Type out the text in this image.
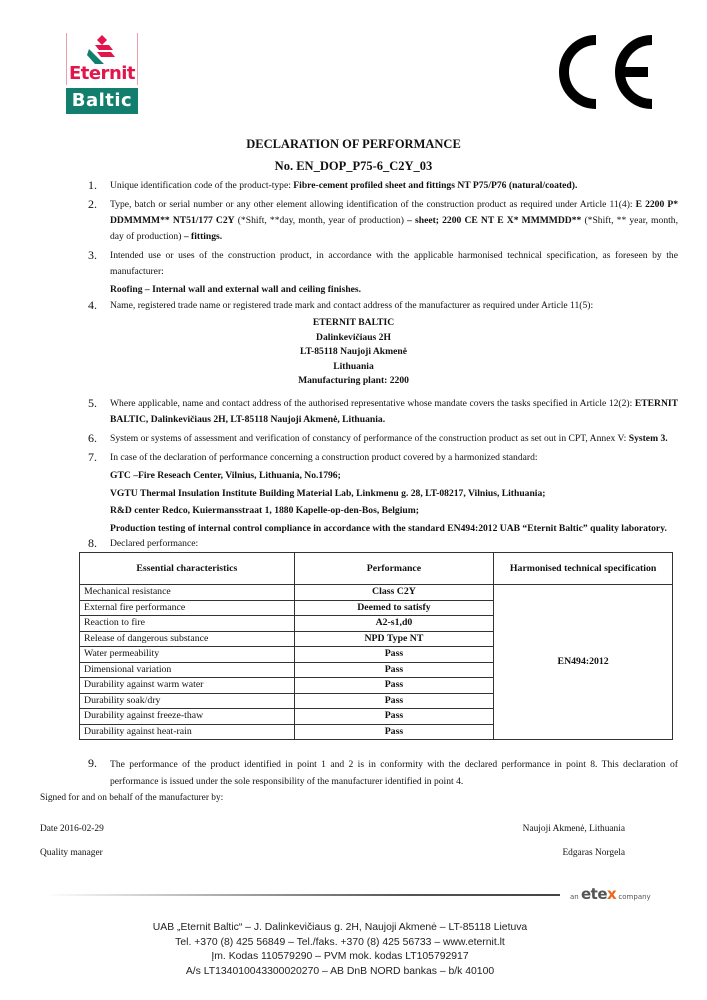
Eternit
Baltic
DECLARATION OF PERFORMANCE
No. EN_DOP_P75-6_C2Y_03
1. Unique identification code of the product-type: Fibre-cement profiled sheet and fittings NT P75/P76 (natural/coated).
2. Type, batch or serial number or any other element allowing identification of the construction product as required under Article 11(4): E 2200 P* DDMMMM** NT51/177 C2Y (*Shift, **day, month, year of production) – sheet; 2200 CE NT E X* MMMMDD** (*Shift, ** year, month, day of production) – fittings.
3. Intended use or uses of the construction product, in accordance with the applicable harmonised technical specification, as foreseen by the manufacturer:
Roofing – Internal wall and external wall and ceiling finishes.
4. Name, registered trade name or registered trade mark and contact address of the manufacturer as required under Article 11(5):
ETERNIT BALTIC
Dalinkevičiaus 2H
LT-85118 Naujoji Akmenė
Lithuania
Manufacturing plant: 2200
5. Where applicable, name and contact address of the authorised representative whose mandate covers the tasks specified in Article 12(2): ETERNIT BALTIC, Dalinkevičiaus 2H, LT-85118 Naujoji Akmenė, Lithuania.
6. System or systems of assessment and verification of constancy of performance of the construction product as set out in CPT, Annex V: System 3.
7. In case of the declaration of performance concerning a construction product covered by a harmonized standard:
GTC –Fire Reseach Center, Vilnius, Lithuania, No.1796;
VGTU Thermal Insulation Institute Building Material Lab, Linkmenu g. 28, LT-08217, Vilnius, Lithuania;
R&D center Redco, Kuiermansstraat 1, 1880 Kapelle-op-den-Bos, Belgium;
Production testing of internal control compliance in accordance with the standard EN494:2012 UAB “Eternit Baltic” quality laboratory.
8. Declared performance:
Essential characteristics	Performance	Harmonised technical specification
Mechanical resistance	Class C2Y	EN494:2012
External fire performance	Deemed to satisfy	
Reaction to fire	A2-s1,d0	
Release of dangerous substance	NPD Type NT	
Water permeability	Pass	
Dimensional variation	Pass	
Durability against warm water	Pass	
Durability soak/dry	Pass	
Durability against freeze-thaw	Pass	
Durability against heat-rain	Pass	
9. The performance of the product identified in point 1 and 2 is in conformity with the declared performance in point 8. This declaration of performance is issued under the sole responsibility of the manufacturer identified in point 4.
Signed for and on behalf of the manufacturer by:
Date 2016-02-29	Naujoji Akmenė, Lithuania
Quality manager	Edgaras Norgela
an etex company
UAB „Eternit Baltic“ – J. Dalinkevičiaus g. 2H, Naujoji Akmenė – LT-85118 Lietuva
Tel. +370 (8) 425 56849 – Tel./faks. +370 (8) 425 56733 – www.eternit.lt
Įm. Kodas 110579290 – PVM mok. kodas LT105792917
A/s LT134010043300020270 – AB DnB NORD bankas – b/k 40100
